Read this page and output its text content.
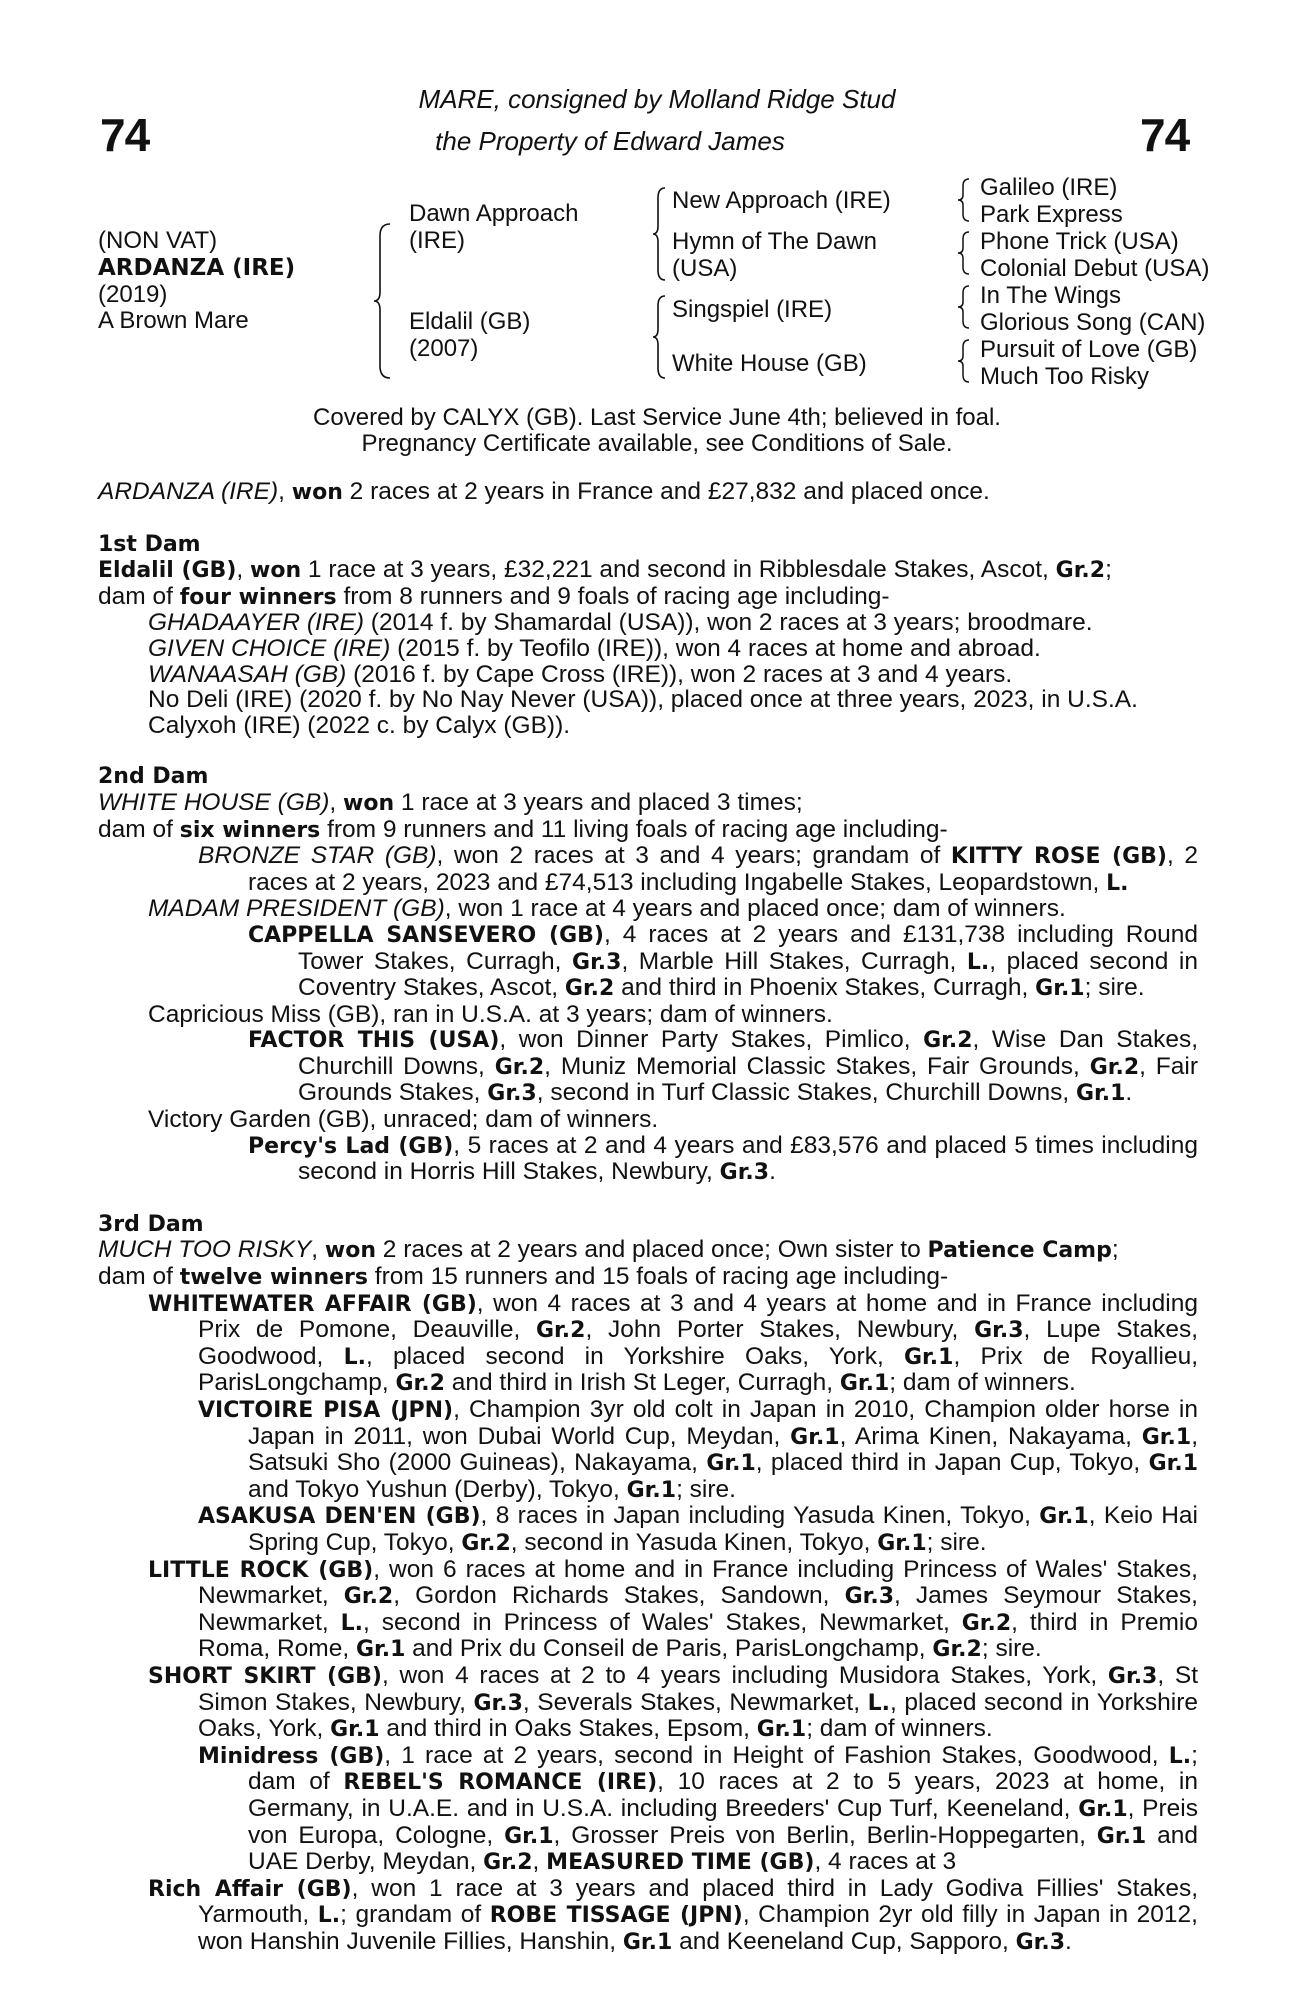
74	74
MARE, consigned by Molland Ridge Stud
the Property of Edward James
(NON VAT)
ARDANZA (IRE)
(2019)
A Brown Mare
Dawn Approach (IRE)
Eldalil (GB)
(2007)
New Approach (IRE)
Hymn of The Dawn
(USA)
Singspiel (IRE)
White House (GB)
Galileo (IRE)
Park Express
Phone Trick (USA)
Colonial Debut (USA)
In The Wings
Glorious Song (CAN)
Pursuit of Love (GB)
Much Too Risky
Covered by CALYX (GB). Last Service June 4th; believed in foal.
Pregnancy Certificate available, see Conditions of Sale.

ARDANZA (IRE), won 2 races at 2 years in France and £27,832 and placed once.

1st Dam

Eldalil (GB), won 1 race at 3 years, £32,221 and second in Ribblesdale Stakes, Ascot, Gr.2;

dam of four winners from 8 runners and 9 foals of racing age including-

GHADAAYER (IRE) (2014 f. by Shamardal (USA)), won 2 races at 3 years; broodmare.

GIVEN CHOICE (IRE) (2015 f. by Teofilo (IRE)), won 4 races at home and abroad.

WANAASAH (GB) (2016 f. by Cape Cross (IRE)), won 2 races at 3 and 4 years.

No Deli (IRE) (2020 f. by No Nay Never (USA)), placed once at three years, 2023, in U.S.A.

Calyxoh (IRE) (2022 c. by Calyx (GB)).

2nd Dam

WHITE HOUSE (GB), won 1 race at 3 years and placed 3 times;

dam of six winners from 9 runners and 11 living foals of racing age including-

BRONZE STAR (GB), won 2 races at 3 and 4 years; grandam of KITTY ROSE (GB), 2 races at 2 years, 2023 and £74,513 including Ingabelle Stakes, Leopardstown, L.

MADAM PRESIDENT (GB), won 1 race at 4 years and placed once; dam of winners.

CAPPELLA SANSEVERO (GB), 4 races at 2 years and £131,738 including Round Tower Stakes, Curragh, Gr.3, Marble Hill Stakes, Curragh, L., placed second in Coventry Stakes, Ascot, Gr.2 and third in Phoenix Stakes, Curragh, Gr.1; sire.

Capricious Miss (GB), ran in U.S.A. at 3 years; dam of winners.

FACTOR THIS (USA), won Dinner Party Stakes, Pimlico, Gr.2, Wise Dan Stakes, Churchill Downs, Gr.2, Muniz Memorial Classic Stakes, Fair Grounds, Gr.2, Fair Grounds Stakes, Gr.3, second in Turf Classic Stakes, Churchill Downs, Gr.1.

Victory Garden (GB), unraced; dam of winners.

Percy's Lad (GB), 5 races at 2 and 4 years and £83,576 and placed 5 times including second in Horris Hill Stakes, Newbury, Gr.3.

3rd Dam

MUCH TOO RISKY, won 2 races at 2 years and placed once; Own sister to Patience Camp;

dam of twelve winners from 15 runners and 15 foals of racing age including-

WHITEWATER AFFAIR (GB), won 4 races at 3 and 4 years at home and in France including Prix de Pomone, Deauville, Gr.2, John Porter Stakes, Newbury, Gr.3, Lupe Stakes, Goodwood, L., placed second in Yorkshire Oaks, York, Gr.1, Prix de Royallieu, ParisLongchamp, Gr.2 and third in Irish St Leger, Curragh, Gr.1; dam of winners.

VICTOIRE PISA (JPN), Champion 3yr old colt in Japan in 2010, Champion older horse in Japan in 2011, won Dubai World Cup, Meydan, Gr.1, Arima Kinen, Nakayama, Gr.1, Satsuki Sho (2000 Guineas), Nakayama, Gr.1, placed third in Japan Cup, Tokyo, Gr.1 and Tokyo Yushun (Derby), Tokyo, Gr.1; sire.

ASAKUSA DEN'EN (GB), 8 races in Japan including Yasuda Kinen, Tokyo, Gr.1, Keio Hai Spring Cup, Tokyo, Gr.2, second in Yasuda Kinen, Tokyo, Gr.1; sire.

LITTLE ROCK (GB), won 6 races at home and in France including Princess of Wales' Stakes, Newmarket, Gr.2, Gordon Richards Stakes, Sandown, Gr.3, James Seymour Stakes, Newmarket, L., second in Princess of Wales' Stakes, Newmarket, Gr.2, third in Premio Roma, Rome, Gr.1 and Prix du Conseil de Paris, ParisLongchamp, Gr.2; sire.

SHORT SKIRT (GB), won 4 races at 2 to 4 years including Musidora Stakes, York, Gr.3, St Simon Stakes, Newbury, Gr.3, Severals Stakes, Newmarket, L., placed second in Yorkshire Oaks, York, Gr.1 and third in Oaks Stakes, Epsom, Gr.1; dam of winners.

Minidress (GB), 1 race at 2 years, second in Height of Fashion Stakes, Goodwood, L.; dam of REBEL'S ROMANCE (IRE), 10 races at 2 to 5 years, 2023 at home, in Germany, in U.A.E. and in U.S.A. including Breeders' Cup Turf, Keeneland, Gr.1, Preis von Europa, Cologne, Gr.1, Grosser Preis von Berlin, Berlin-Hoppegarten, Gr.1 and UAE Derby, Meydan, Gr.2, MEASURED TIME (GB), 4 races at 3

Rich Affair (GB), won 1 race at 3 years and placed third in Lady Godiva Fillies' Stakes, Yarmouth, L.; grandam of ROBE TISSAGE (JPN), Champion 2yr old filly in Japan in 2012, won Hanshin Juvenile Fillies, Hanshin, Gr.1 and Keeneland Cup, Sapporo, Gr.3.
